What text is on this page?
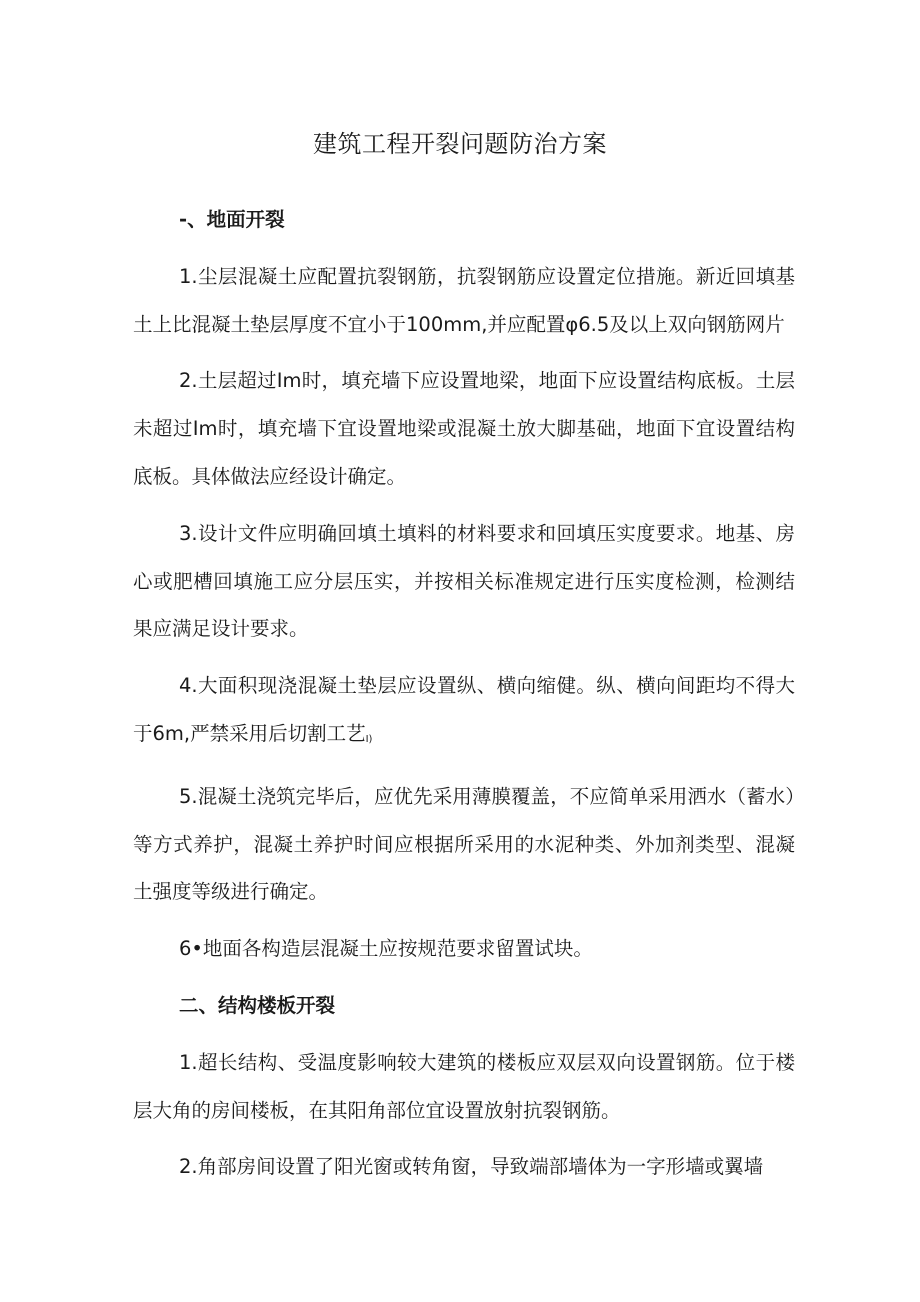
建筑工程开裂问题防治方案

-、地面开裂

1.尘层混凝土应配置抗裂钢筋，抗裂钢筋应设置定位措施。新近回填基土上比混凝土垫层厚度不宜小于100mm,并应配置φ6.5及以上双向钢筋网片

2.土层超过Im时，填充墙下应设置地梁，地面下应设置结构底板。土层未超过Im时，填充墙下宜设置地梁或混凝土放大脚基础，地面下宜设置结构底板。具体做法应经设计确定。

3.设计文件应明确回填土填料的材料要求和回填压实度要求。地基、房心或肥槽回填施工应分层压实，并按相关标准规定进行压实度检测，检测结果应满足设计要求。

4.大面积现浇混凝土垫层应设置纵、横向缩健。纵、横向间距均不得大于6m,严禁采用后切割工艺$_{I)}$

5.混凝土浇筑完毕后，应优先采用薄膜覆盖，不应简单采用洒水（蓄水）等方式养护，混凝土养护时间应根据所采用的水泥种类、外加剂类型、混凝土强度等级进行确定。

6•地面各构造层混凝土应按规范要求留置试块。

二、结构楼板开裂

1.超长结构、受温度影响较大建筑的楼板应双层双向设置钢筋。位于楼层大角的房间楼板，在其阳角部位宜设置放射抗裂钢筋。

2.角部房间设置了阳光窗或转角窗，导致端部墙体为一字形墙或翼墙
